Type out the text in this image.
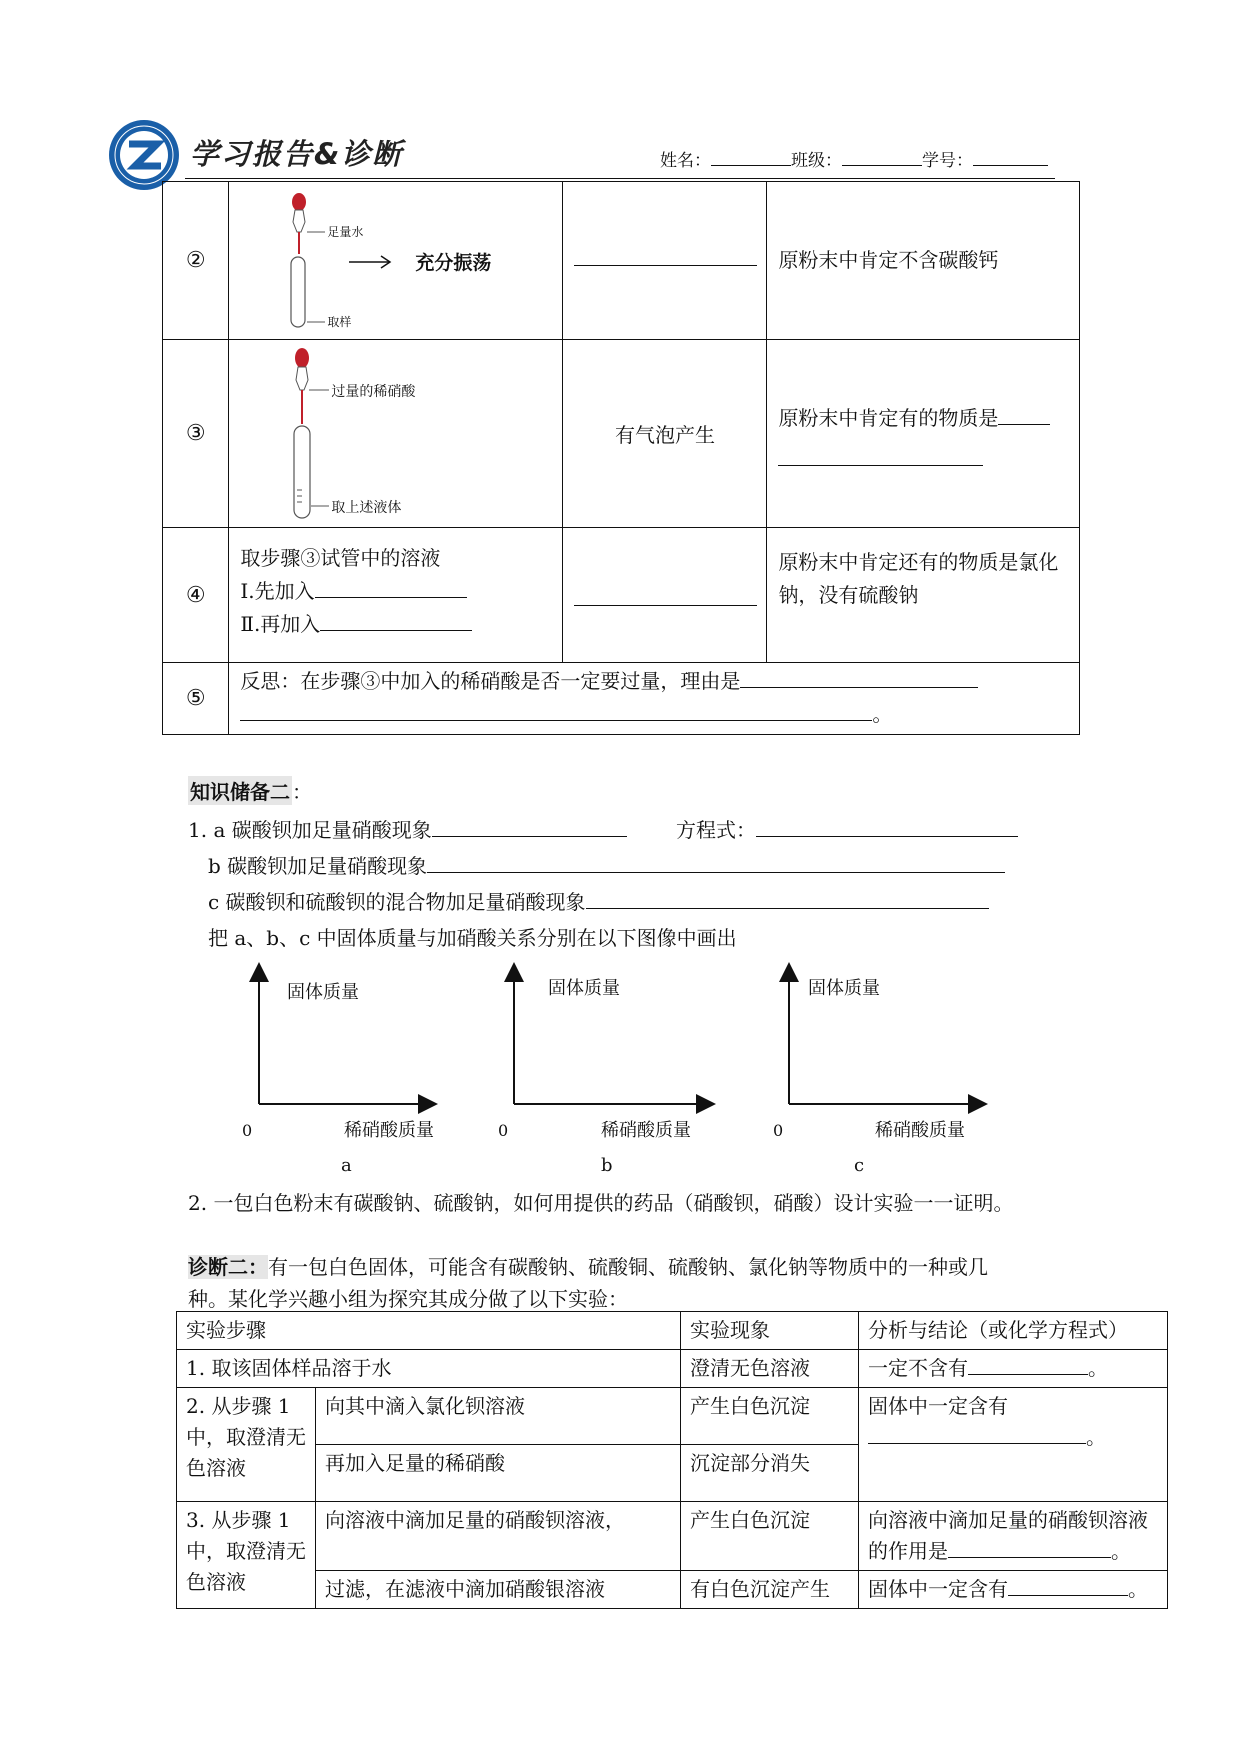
学习报告&诊断	姓名：	班级：	学号：
②	足量水
取样
充分振荡		原粉末中肯定不含碳酸钙

③	过量的稀硝酸
取上述液体	有气泡产生	原粉末中肯定有的物质是

④	取步骤③试管中的溶液
Ⅰ.先加入
Ⅱ.再加入		原粉末中肯定还有的物质是氯化钠，没有硫酸钠

⑤	反思：在步骤③中加入的稀硝酸是否一定要过量，理由是
。		
知识储备二 ：
1. a 碳酸钡加足量硝酸现象	方程式：
b 碳酸钡加足量硝酸现象
c 碳酸钡和硫酸钡的混合物加足量硝酸现象
把 a、b、c 中固体质量与加硝酸关系分别在以下图像中画出
固体质量
稀硝酸质量
0
a
固体质量
稀硝酸质量
0
b
固体质量
稀硝酸质量
0
c
2. 一包白色粉末有碳酸钠、硫酸钠，如何用提供的药品（硝酸钡，硝酸）设计实验一一证明。
诊断二：有一包白色固体，可能含有碳酸钠、硫酸铜、硫酸钠、氯化钠等物质中的一种或几
种。某化学兴趣小组为探究其成分做了以下实验：
实验步骤		实验现象	分析与结论（或化学方程式）
1. 取该固体样品溶于水		澄清无色溶液	一定不含有 。
2. 从步骤 1 中，取澄清无色溶液	向其中滴入氯化钡溶液	产生白色沉淀	固体中一定含有
。

	再加入足量的稀硝酸	沉淀部分消失	
3. 从步骤 1 中，取澄清无色溶液	向溶液中滴加足量的硝酸钡溶液，	产生白色沉淀	向溶液中滴加足量的硝酸钡溶液的作用是 。
	过滤，在滤液中滴加硝酸银溶液	有白色沉淀产生	固体中一定含有 。
